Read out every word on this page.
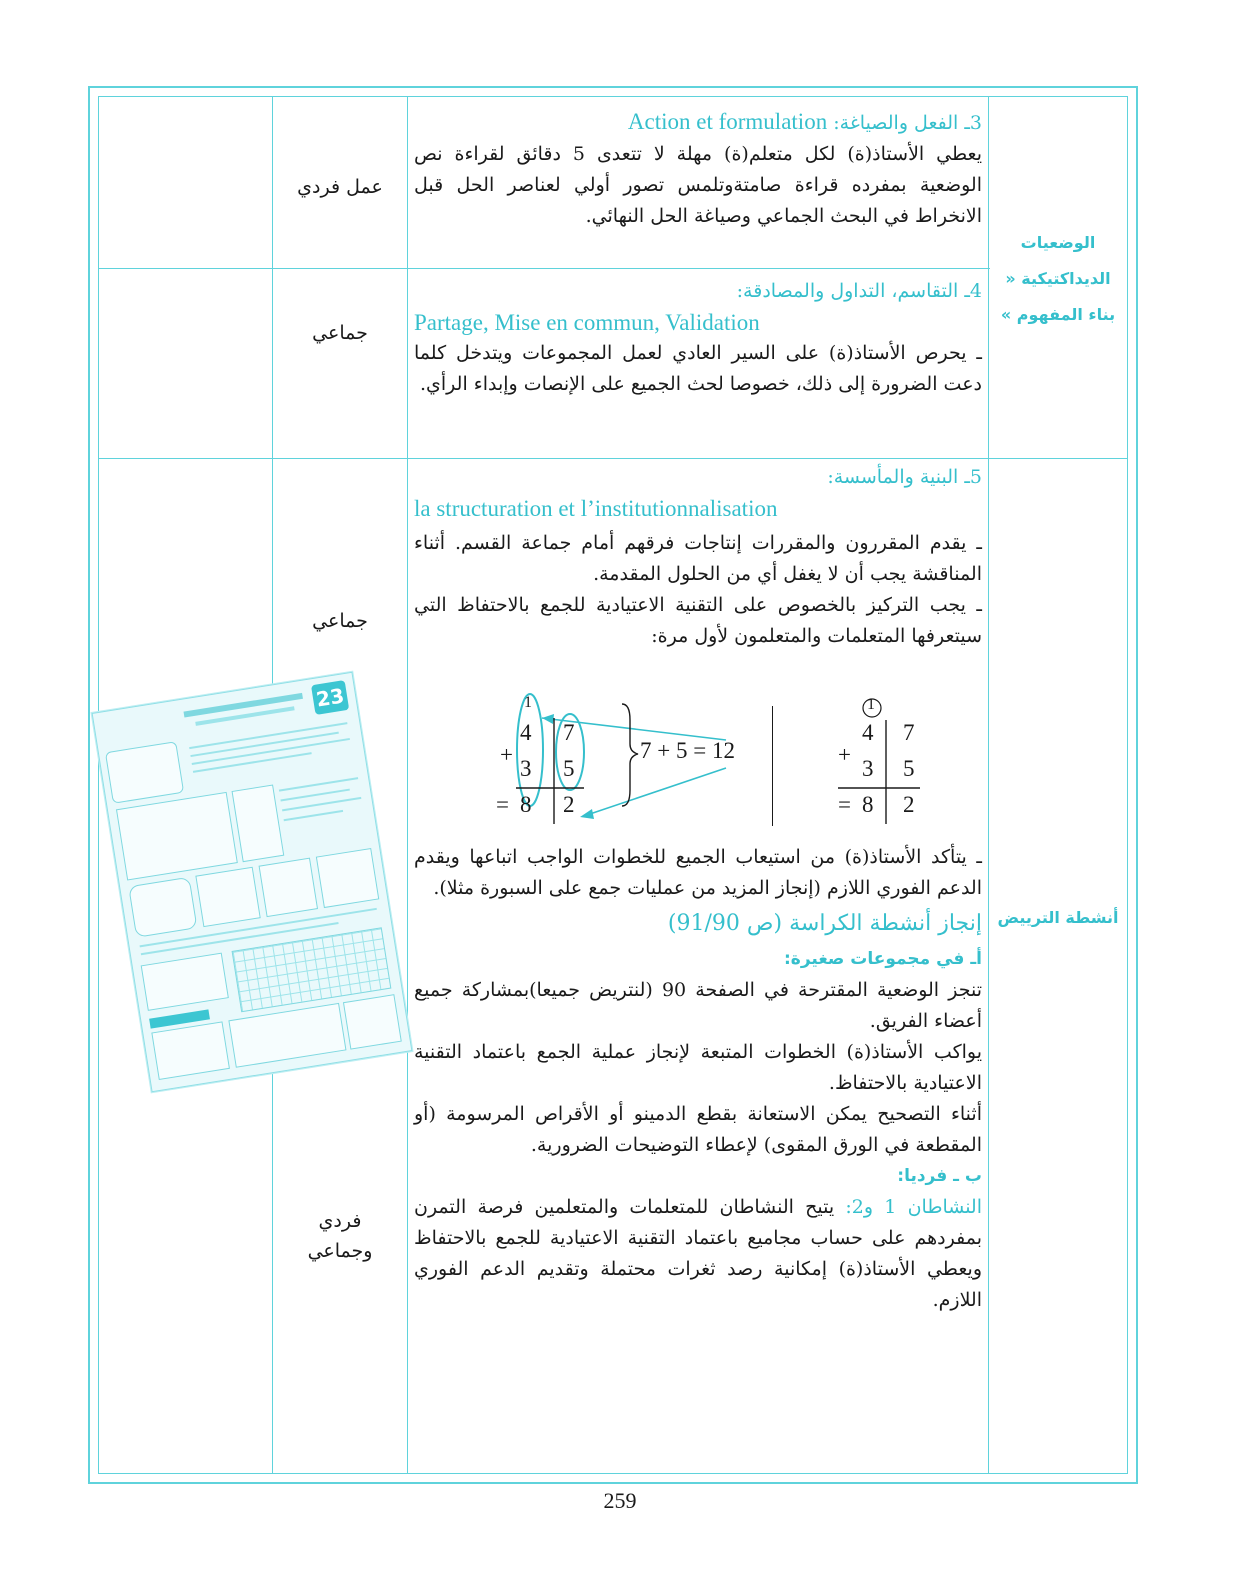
الوضعيات الديداكتيكية « بناء المفهوم »
أنشطة الترييض
عمل فردي
جماعي
جماعي
فردي وجماعي

3ـ الفعل والصياغة: Action et formulation

يعطي الأستاذ(ة) لكل متعلم(ة) مهلة لا تتعدى 5 دقائق لقراءة نص الوضعية بمفرده قراءة صامتةوتلمس تصور أولي لعناصر الحل قبل الانخراط في البحث الجماعي وصياغة الحل النهائي.

4ـ التقاسم، التداول والمصادقة:

Partage, Mise en commun, Validation

ـ يحرص الأستاذ(ة) على السير العادي لعمل المجموعات ويتدخل كلما دعت الضرورة إلى ذلك، خصوصا لحث الجميع على الإنصات وإبداء الرأي.

5ـ البنية والمأسسة:

la structuration et l’institutionnalisation

ـ يقدم المقررون والمقررات إنتاجات فرقهم أمام جماعة القسم. أثناء المناقشة يجب أن لا يغفل أي من الحلول المقدمة.

ـ يجب التركيز بالخصوص على التقنية الاعتيادية للجمع بالاحتفاظ التي سيتعرفها المتعلمات والمتعلمون لأول مرة:

1
4 7
+
3 5
= 8 2
7 + 5 = 12
1
4 7
+
3 5
= 8 2

ـ يتأكد الأستاذ(ة) من استيعاب الجميع للخطوات الواجب اتباعها ويقدم الدعم الفوري اللازم (إنجاز المزيد من عمليات جمع على السبورة مثلا).

إنجاز أنشطة الكراسة (ص 91/90)

أـ في مجموعات صغيرة:

تنجز الوضعية المقترحة في الصفحة 90 (لنتريض جميعا)بمشاركة جميع أعضاء الفريق.

يواكب الأستاذ(ة) الخطوات المتبعة لإنجاز عملية الجمع باعتماد التقنية الاعتيادية بالاحتفاظ.

أثناء التصحيح يمكن الاستعانة بقطع الدمينو أو الأقراص المرسومة (أو المقطعة في الورق المقوى) لإعطاء التوضيحات الضرورية.

ب ـ فرديا:

النشاطان 1 و2: يتيح النشاطان للمتعلمات والمتعلمين فرصة التمرن بمفردهم على حساب مجاميع باعتماد التقنية الاعتيادية للجمع بالاحتفاظ ويعطي الأستاذ(ة) إمكانية رصد ثغرات محتملة وتقديم الدعم الفوري اللازم.

23
259
